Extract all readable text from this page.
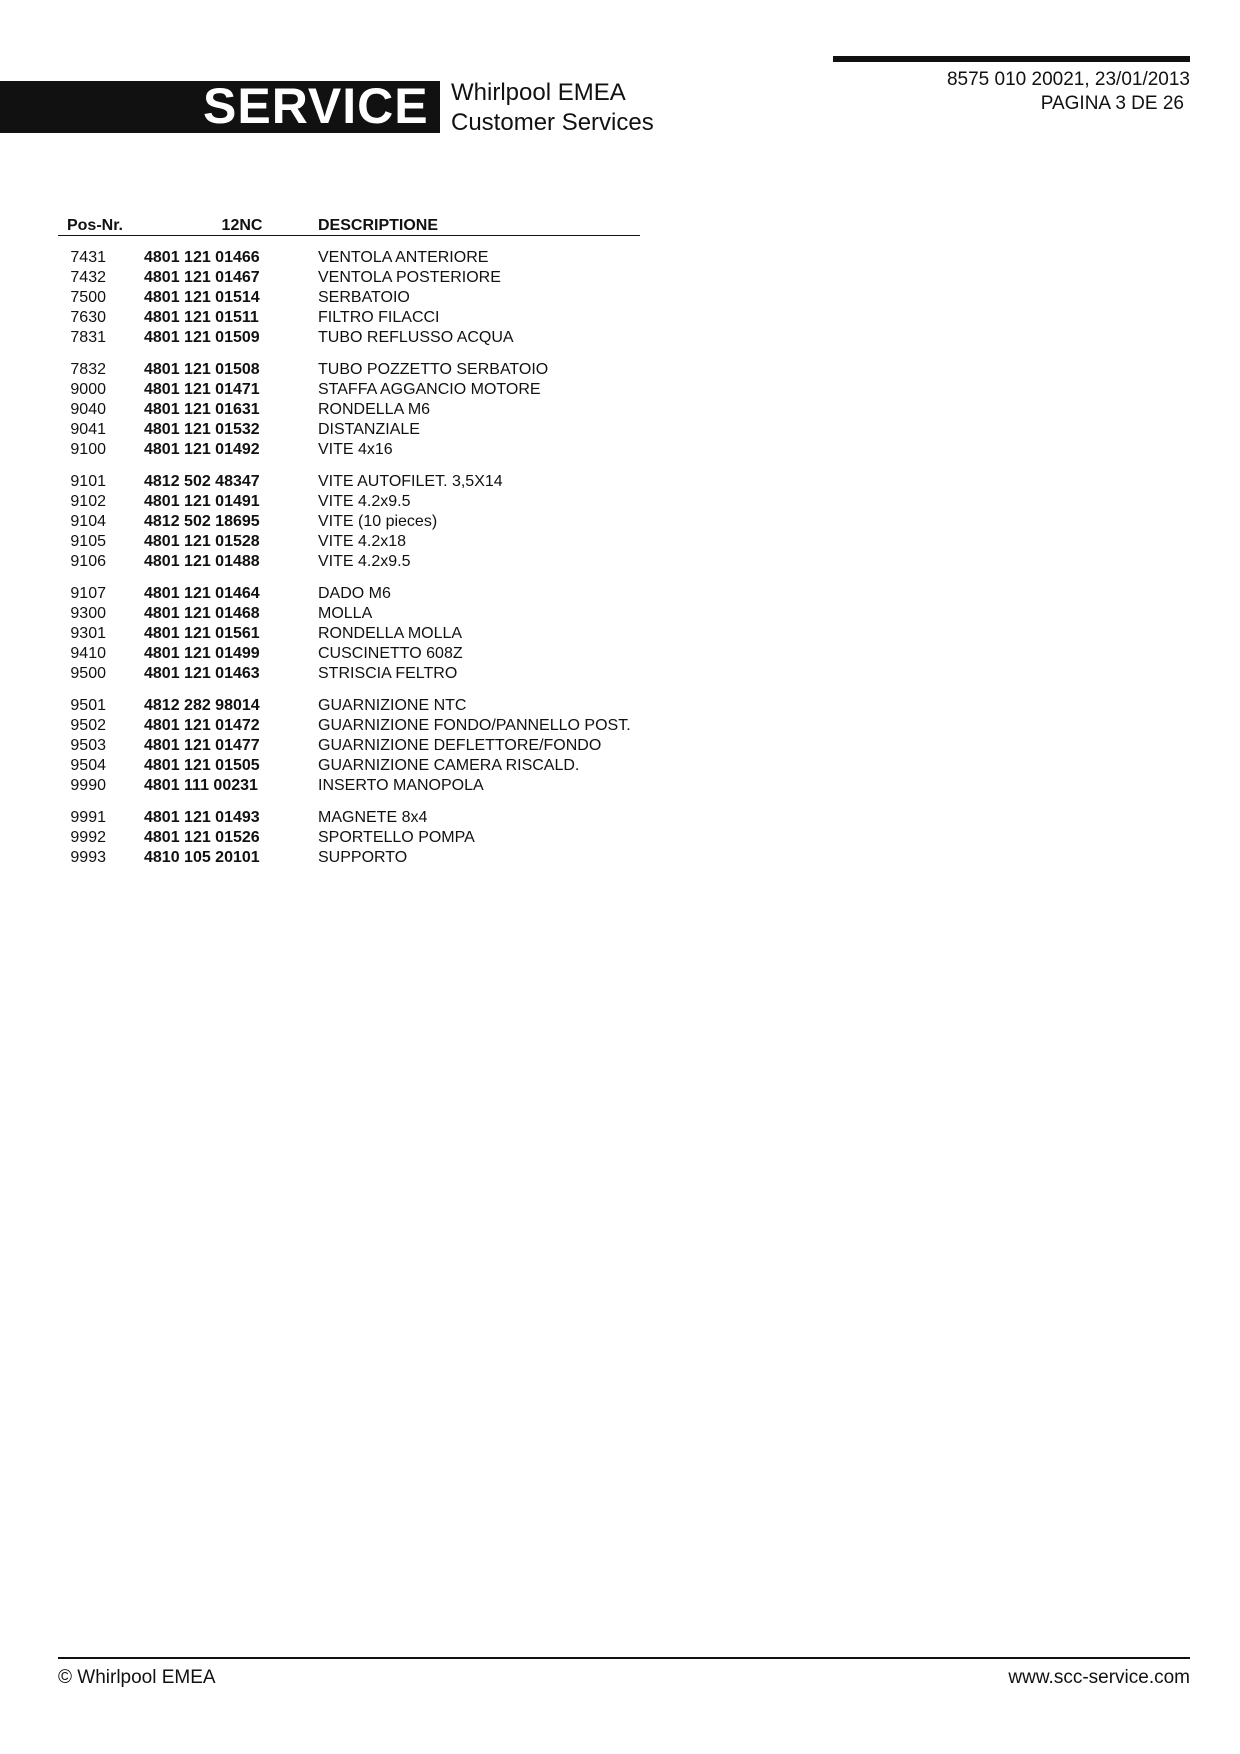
SERVICE Whirlpool EMEA
Customer Services
8575 010 20021, 23/01/2013
PAGINA 3 DE 26
Pos-Nr.	12NC	DESCRIPTIONE

7431	4801 121 01466	VENTOLA ANTERIORE
7432	4801 121 01467	VENTOLA POSTERIORE
7500	4801 121 01514	SERBATOIO
7630	4801 121 01511	FILTRO FILACCI
7831	4801 121 01509	TUBO REFLUSSO ACQUA

7832	4801 121 01508	TUBO POZZETTO SERBATOIO
9000	4801 121 01471	STAFFA AGGANCIO MOTORE
9040	4801 121 01631	RONDELLA M6
9041	4801 121 01532	DISTANZIALE
9100	4801 121 01492	VITE 4x16

9101	4812 502 48347	VITE AUTOFILET. 3,5X14
9102	4801 121 01491	VITE 4.2x9.5
9104	4812 502 18695	VITE (10 pieces)
9105	4801 121 01528	VITE 4.2x18
9106	4801 121 01488	VITE 4.2x9.5

9107	4801 121 01464	DADO M6
9300	4801 121 01468	MOLLA
9301	4801 121 01561	RONDELLA MOLLA
9410	4801 121 01499	CUSCINETTO 608Z
9500	4801 121 01463	STRISCIA FELTRO

9501	4812 282 98014	GUARNIZIONE NTC
9502	4801 121 01472	GUARNIZIONE FONDO/PANNELLO POST.
9503	4801 121 01477	GUARNIZIONE DEFLETTORE/FONDO
9504	4801 121 01505	GUARNIZIONE CAMERA RISCALD.
9990	4801 111 00231	INSERTO MANOPOLA

9991	4801 121 01493	MAGNETE 8x4
9992	4801 121 01526	SPORTELLO POMPA
9993	4810 105 20101	SUPPORTO
© Whirlpool EMEA	www.scc-service.com
